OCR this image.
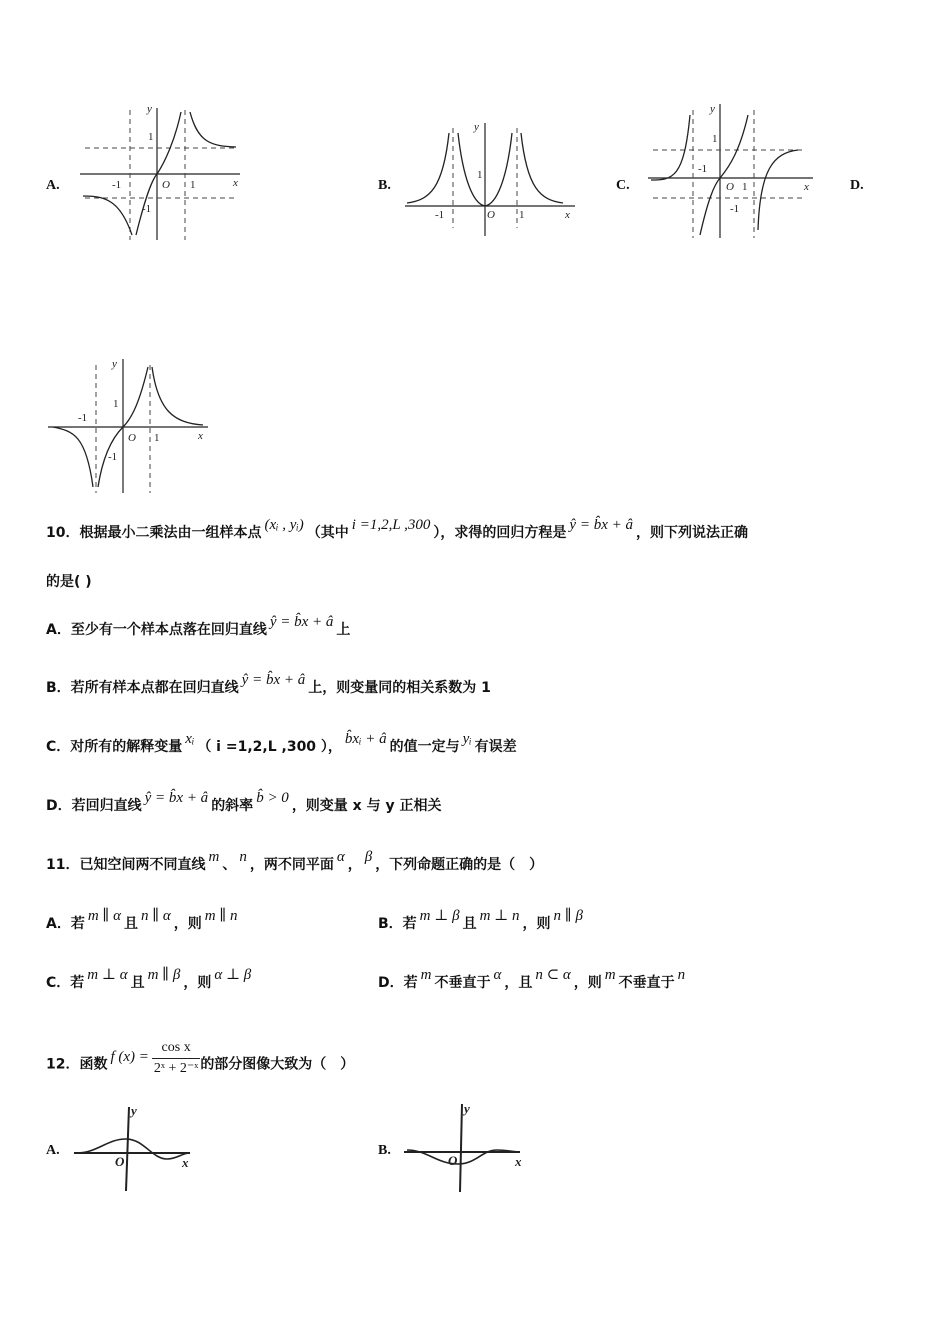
A.	B.	C.	D.
x
y
O
1
1
-1
-1	x
y
O
1
1
-1
x
y
O
1
1
-1
-1
x
y
O
1
1
-1
-1
10．根据最小二乘法由一组样本点 (xᵢ , yᵢ) （其中 i =1,2,L ,300 ），求得的回归方程是 ŷ = b̂x + â ，则下列说法正确
的是( )
A．至少有一个样本点落在回归直线 ŷ = b̂x + â 上
B．若所有样本点都在回归直线 ŷ = b̂x + â 上，则变量同的相关系数为 1
C．对所有的解释变量 xᵢ （ i =1,2,L ,300 ）， b̂xᵢ + â 的值一定与 yᵢ 有误差
D．若回归直线 ŷ = b̂x + â 的斜率 b̂ > 0 ，则变量 x 与 y 正相关
11．已知空间两不同直线 m 、 n ，两不同平面 α ， β ，下列命题正确的是（　）
A．若 m ∥ α 且 n ∥ α ，则 m ∥ n	B．若 m ⊥ β 且 m ⊥ n ，则 n ∥ β
C．若 m ⊥ α 且 m ∥ β ，则 α ⊥ β	D．若 m 不垂直于 α ，且 n ⊂ α ，则 m 不垂直于 n
12．函数 f $(x) = \frac{\text{cos x}}{\text{2ˣ + 2⁻ˣ}}$ 的部分图像大致为（　）
A.	B.
x
y
O	x
y
O
